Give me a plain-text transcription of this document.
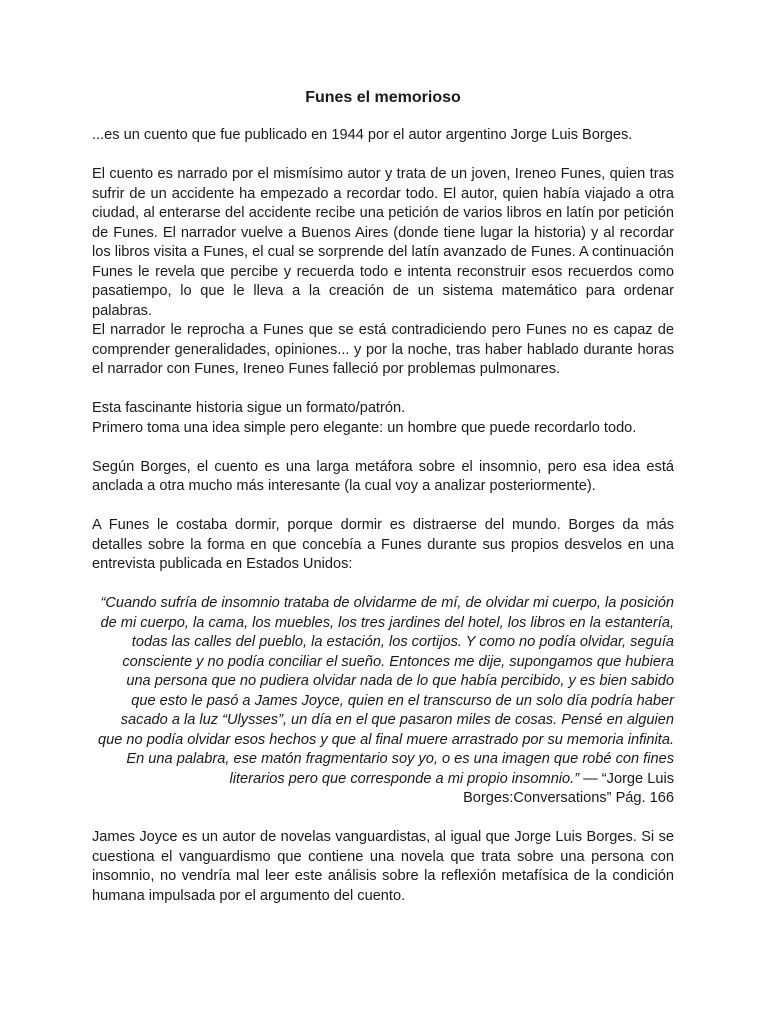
Funes el memorioso

...es un cuento que fue publicado en 1944 por el autor argentino Jorge Luis Borges.

El cuento es narrado por el mismísimo autor y trata de un joven, Ireneo Funes, quien tras sufrir de un accidente ha empezado a recordar todo. El autor, quien había viajado a otra ciudad, al enterarse del accidente recibe una petición de varios libros en latín por petición de Funes. El narrador vuelve a Buenos Aires (donde tiene lugar la historia) y al recordar los libros visita a Funes, el cual se sorprende del latín avanzado de Funes. A continuación Funes le revela que percibe y recuerda todo e intenta reconstruir esos recuerdos como pasatiempo, lo que le lleva a la creación de un sistema matemático para ordenar palabras.

El narrador le reprocha a Funes que se está contradiciendo pero Funes no es capaz de comprender generalidades, opiniones... y por la noche, tras haber hablado durante horas el narrador con Funes, Ireneo Funes falleció por problemas pulmonares.

Esta fascinante historia sigue un formato/patrón.

Primero toma una idea simple pero elegante: un hombre que puede recordarlo todo.

Según Borges, el cuento es una larga metáfora sobre el insomnio, pero esa idea está anclada a otra mucho más interesante (la cual voy a analizar posteriormente).

A Funes le costaba dormir, porque dormir es distraerse del mundo. Borges da más detalles sobre la forma en que concebía a Funes durante sus propios desvelos en una entrevista publicada en Estados Unidos:

“Cuando sufría de insomnio trataba de olvidarme de mí, de olvidar mi cuerpo, la posición de mi cuerpo, la cama, los muebles, los tres jardines del hotel, los libros en la estantería, todas las calles del pueblo, la estación, los cortijos. Y como no podía olvidar, seguía consciente y no podía conciliar el sueño. Entonces me dije, supongamos que hubiera una persona que no pudiera olvidar nada de lo que había percibido, y es bien sabido que esto le pasó a James Joyce, quien en el transcurso de un solo día podría haber sacado a la luz “Ulysses”, un día en el que pasaron miles de cosas. Pensé en alguien que no podía olvidar esos hechos y que al final muere arrastrado por su memoria infinita. En una palabra, ese matón fragmentario soy yo, o es una imagen que robé con fines literarios pero que corresponde a mi propio insomnio.” — “Jorge Luis Borges:Conversations” Pág. 166

James Joyce es un autor de novelas vanguardistas, al igual que Jorge Luis Borges. Si se cuestiona el vanguardismo que contiene una novela que trata sobre una persona con insomnio, no vendría mal leer este análisis sobre la reflexión metafísica de la condición humana impulsada por el argumento del cuento.
